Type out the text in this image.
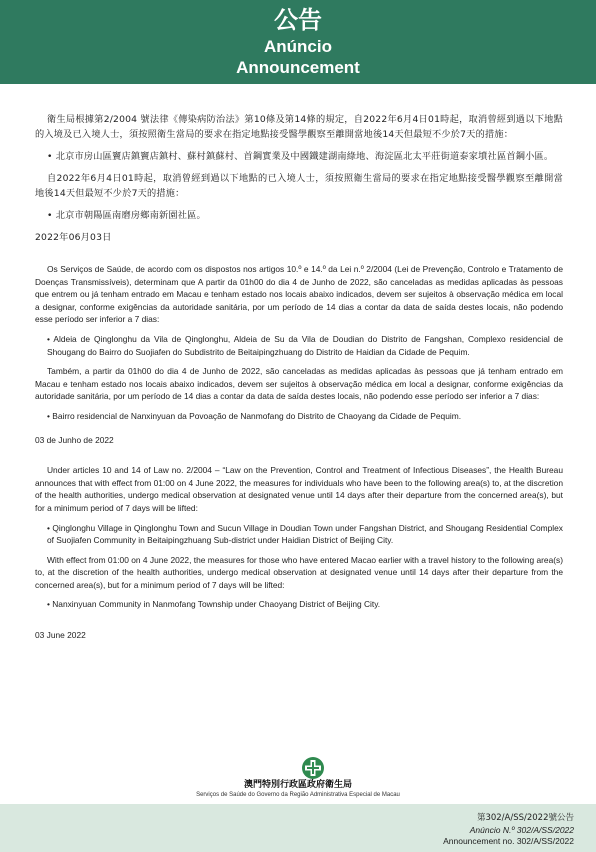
公告
Anúncio
Announcement

衛生局根據第2/2004 號法律《傳染病防治法》第10條及第14條的規定，自2022年6月4日01時起，取消曾經到過以下地點的入境及已入境人士，須按照衛生當局的要求在指定地點接受醫學觀察至離開當地後14天但最短不少於7天的措施：

• 北京市房山區竇店鎮竇店鎮村、蘇村鎮蘇村、首鋼實業及中國鐵建湖南綠地、海淀區北太平莊街道泰家墳社區首鋼小區。

自2022年6月4日01時起，取消曾經到過以下地點的已入境人士，須按照衛生當局的要求在指定地點接受醫學觀察至離開當地後14天但最短不少於7天的措施：

• 北京市朝陽區南磨房鄉南新園社區。

2022年06月03日

Os Serviços de Saúde, de acordo com os dispostos nos artigos 10.º e 14.º da Lei n.º 2/2004 (Lei de Prevenção, Controlo e Tratamento de Doenças Transmissíveis), determinam que A partir da 01h00 do dia 4 de Junho de 2022, são canceladas as medidas aplicadas às pessoas que entrem ou já tenham entrado em Macau e tenham estado nos locais abaixo indicados, devem ser sujeitos à observação médica em local a designar, conforme exigências da autoridade sanitária, por um período de 14 dias a contar da data de saída destes locais, não podendo esse período ser inferior a 7 dias:

• Aldeia de Qinglonghu da Vila de Qinglonghu, Aldeia de Su da Vila de Doudian do Distrito de Fangshan, Complexo residencial de Shougang do Bairro do Suojiafen do Subdistrito de Beitaipingzhuang do Distrito de Haidian da Cidade de Pequim.

Também, a partir da 01h00 do dia 4 de Junho de 2022, são canceladas as medidas aplicadas às pessoas que já tenham entrado em Macau e tenham estado nos locais abaixo indicados, devem ser sujeitos à observação médica em local a designar, conforme exigências da autoridade sanitária, por um período de 14 dias a contar da data de saída destes locais, não podendo esse período ser inferior a 7 dias:

• Bairro residencial de Nanxinyuan da Povoação de Nanmofang do Distrito de Chaoyang da Cidade de Pequim.

03 de Junho de 2022

Under articles 10 and 14 of Law no. 2/2004 – “Law on the Prevention, Control and Treatment of Infectious Diseases”, the Health Bureau announces that with effect from 01:00 on 4 June 2022, the measures for individuals who have been to the following area(s) to, at the discretion of the health authorities, undergo medical observation at designated venue until 14 days after their departure from the concerned area(s), but for a minimum period of 7 days will be lifted:

• Qinglonghu Village in Qinglonghu Town and Sucun Village in Doudian Town under Fangshan District, and Shougang Residential Complex of Suojiafen Community in Beitaipingzhuang Sub-district under Haidian District of Beijing City.

With effect from 01:00 on 4 June 2022, the measures for those who have entered Macao earlier with a travel history to the following area(s) to, at the discretion of the health authorities, undergo medical observation at designated venue until 14 days after their departure from the concerned area(s), but for a minimum period of 7 days will be lifted:

• Nanxinyuan Community in Nanmofang Township under Chaoyang District of Beijing City.

03 June 2022

澳門特別行政區政府衛生局
Serviços de Saúde do Governo da Região Administrativa Especial de Macau
第302/A/SS/2022號公告
Anúncio N.º 302/A/SS/2022
Announcement no. 302/A/SS/2022
